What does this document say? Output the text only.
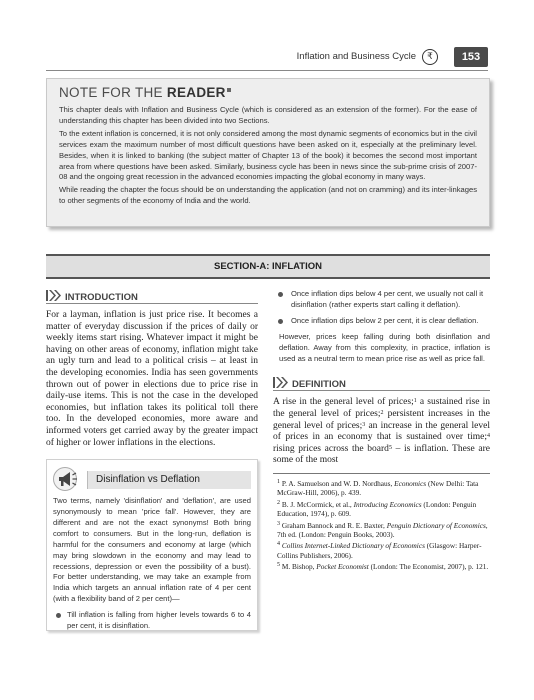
Inflation and Business Cycle	₹	153
NOTE FOR THE READER

This chapter deals with Inflation and Business Cycle (which is considered as an extension of the former). For the ease of understanding this chapter has been divided into two Sections.

To the extent inflation is concerned, it is not only considered among the most dynamic segments of economics but in the civil services exam the maximum number of most difficult questions have been asked on it, especially at the preliminary level. Besides, when it is linked to banking (the subject matter of Chapter 13 of the book) it becomes the second most important area from where questions have been asked. Similarly, business cycle has been in news since the sub-prime crisis of 2007-08 and the ongoing great recession in the advanced economies impacting the global economy in many ways.

While reading the chapter the focus should be on understanding the application (and not on cramming) and its inter-linkages to other segments of the economy of India and the world.

SECTION-A: INFLATION
INTRODUCTION
For a layman, inflation is just price rise. It becomes a matter of everyday discussion if the prices of daily or weekly items start rising. Whatever impact it might be having on other areas of economy, inflation might take an ugly turn and lead to a political crisis – at least in the developing economies. India has seen governments thrown out of power in elections due to price rise in daily-use items. This is not the case in the developed economies, but inflation takes its political toll there too. In the developed economies, more aware and informed voters get carried away by the greater impact of higher or lower inflations in the elections.
Disinflation vs Deflation
Two terms, namely 'disinflation' and 'deflation', are used synonymously to mean 'price fall'. However, they are different and are not the exact synonyms! Both bring comfort to consumers. But in the long-run, deflation is harmful for the consumers and economy at large (which may bring slowdown in the economy and may lead to recessions, depression or even the possibility of a bust). For better understanding, we may take an example from India which targets an annual inflation rate of 4 per cent (with a flexibility band of 2 per cent)—
Till inflation is falling from higher levels towards 6 to 4 per cent, it is disinflation.
Once inflation dips below 4 per cent, we usually not call it disinflation (rather experts start calling it deflation).
Once inflation dips below 2 per cent, it is clear deflation.
However, prices keep falling during both disinflation and deflation. Away from this complexity, in practice, inflation is used as a neutral term to mean price rise as well as price fall.
DEFINITION
A rise in the general level of prices;$^1$ a sustained rise in the general level of prices;$^2$ persistent increases in the general level of prices;$^3$ an increase in the general level of prices in an economy that is sustained over time;$^4$ rising prices across the board$^5$ – is inflation. These are some of the most
$^1$ P. A. Samuelson and W. D. Nordhaus, Economics (New Delhi: Tata McGraw-Hill, 2006), p. 439.
$^2$ B. J. McCormick, et al., Introducing Economics (London: Penguin Education, 1974), p. 609.
$^3$ Graham Bannock and R. E. Baxter, Penguin Dictionary of Economics, 7th ed. (London: Penguin Books, 2003).
$^4$ Collins Internet-Linked Dictionary of Economics (Glasgow: Harper-Collins Publishers, 2006).
$^5$ M. Bishop, Pocket Economist (London: The Economist, 2007), p. 121.
